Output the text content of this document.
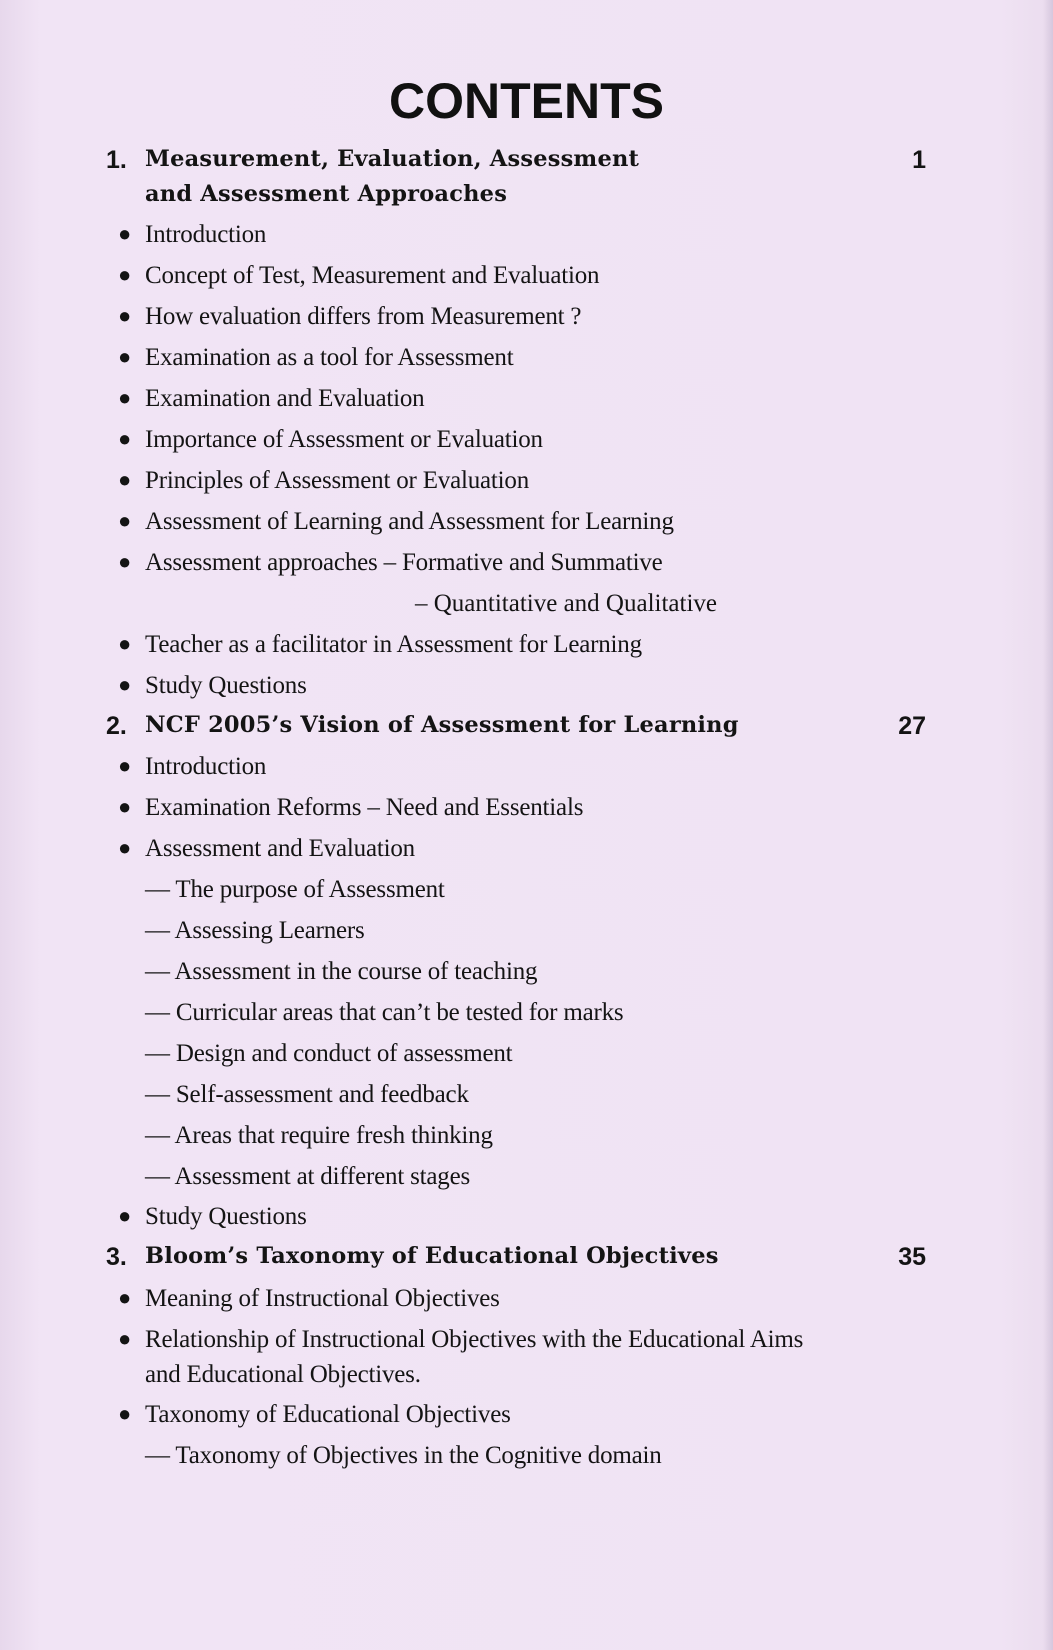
CONTENTS
1. Measurement, Evaluation, Assessment	1
and Assessment Approaches
● Introduction
● Concept of Test, Measurement and Evaluation
● How evaluation differs from Measurement ?
● Examination as a tool for Assessment
● Examination and Evaluation
● Importance of Assessment or Evaluation
● Principles of Assessment or Evaluation
● Assessment of Learning and Assessment for Learning
● Assessment approaches – Formative and Summative
– Quantitative and Qualitative
● Teacher as a facilitator in Assessment for Learning
● Study Questions
2. NCF 2005’s Vision of Assessment for Learning	27
● Introduction
● Examination Reforms – Need and Essentials
● Assessment and Evaluation
— The purpose of Assessment
— Assessing Learners
— Assessment in the course of teaching
— Curricular areas that can’t be tested for marks
— Design and conduct of assessment
— Self-assessment and feedback
— Areas that require fresh thinking
— Assessment at different stages
● Study Questions
3. Bloom’s Taxonomy of Educational Objectives	35
● Meaning of Instructional Objectives
● Relationship of Instructional Objectives with the Educational Aims
and Educational Objectives.
● Taxonomy of Educational Objectives
— Taxonomy of Objectives in the Cognitive domain
